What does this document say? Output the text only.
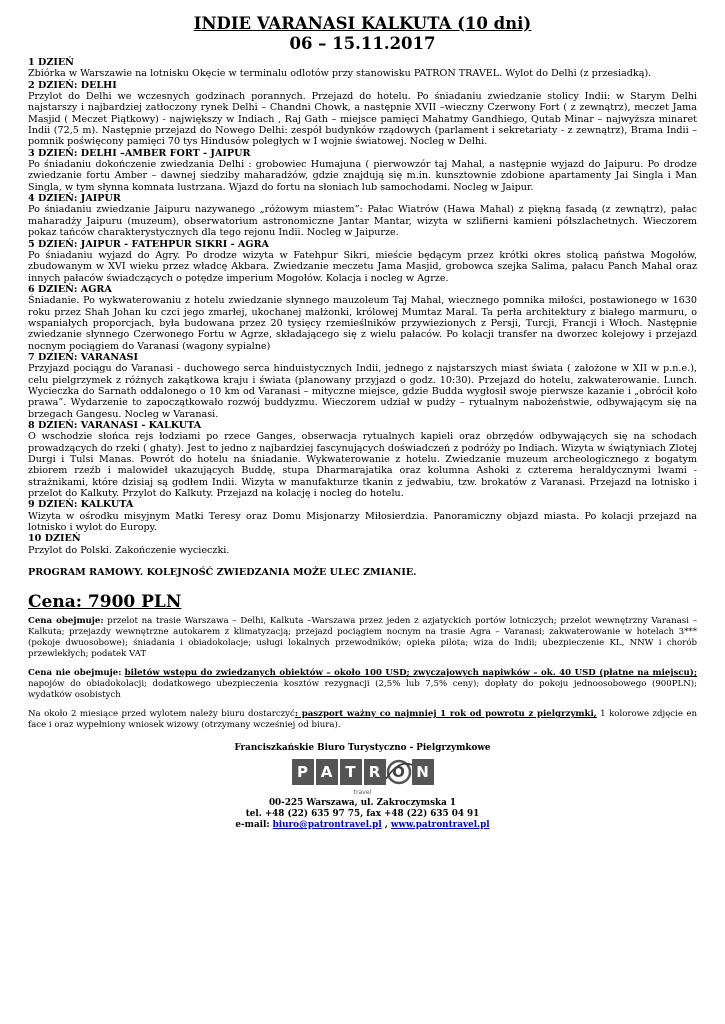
INDIE VARANASI KALKUTA (10 dni)
06 – 15.11.2017
1 DZIEŃ

Zbiórka w Warszawie na lotnisku Okęcie w terminalu odlotów przy stanowisku PATRON TRAVEL. Wylot do Delhi (z przesiadką).

2 DZIEŃ: DELHI

Przylot do Delhi we wczesnych godzinach porannych. Przejazd do hotelu. Po śniadaniu zwiedzanie stolicy Indii: w Starym Delhi najstarszy i najbardziej zatłoczony rynek Delhi – Chandni Chowk, a następnie XVII –wieczny Czerwony Fort ( z zewnątrz), meczet Jama Masjid ( Meczet Piątkowy) - największy w Indiach , Raj Gath – miejsce pamięci Mahatmy Gandhiego, Qutab Minar – najwyższa minaret Indii (72,5 m). Następnie przejazd do Nowego Delhi: zespół budynków rządowych (parlament i sekretariaty - z zewnątrz), Brama Indii – pomnik poświęcony pamięci 70 tys Hindusów poległych w I wojnie światowej. Nocleg w Delhi.

3 DZIEŃ: DELHI –AMBER FORT - JAIPUR

Po śniadaniu dokończenie zwiedzania Delhi : grobowiec Humajuna ( pierwowzór taj Mahal, a następnie wyjazd do Jaipuru. Po drodze zwiedzanie fortu Amber – dawnej siedziby maharadżów, gdzie znajdują się m.in. kunsztownie zdobione apartamenty Jai Singla i Man Singla, w tym słynna komnata lustrzana. Wjazd do fortu na słoniach lub samochodami. Nocleg w Jaipur.

4 DZIEŃ: JAIPUR

Po śniadaniu zwiedzanie Jaipuru nazywanego „różowym miastem”: Pałac Wiatrów (Hawa Mahal) z piękną fasadą (z zewnątrz), pałac maharadży Jaipuru (muzeum), obserwatorium astronomiczne Jantar Mantar, wizyta w szlifierni kamieni półszlachetnych. Wieczorem pokaz tańców charakterystycznych dla tego rejonu Indii. Nocleg w Jaipurze.

5 DZIEŃ: JAIPUR - FATEHPUR SIKRI - AGRA

Po śniadaniu wyjazd do Agry. Po drodze wizyta w Fatehpur Sikri, mieście będącym przez krótki okres stolicą państwa Mogołów, zbudowanym w XVI wieku przez władcę Akbara. Zwiedzanie meczetu Jama Masjid, grobowca szejka Salima, pałacu Panch Mahal oraz innych pałaców świadczących o potędze imperium Mogołów. Kolacja i nocleg w Agrze.

6 DZIEŃ: AGRA

Śniadanie. Po wykwaterowaniu z hotelu zwiedzanie słynnego mauzoleum Taj Mahal, wiecznego pomnika miłości, postawionego w 1630 roku przez Shah Johan ku czci jego zmarłej, ukochanej małżonki, królowej Mumtaz Maral. Ta perła architektury z białego marmuru, o wspaniałych proporcjach, była budowana przez 20 tysięcy rzemieślników przywiezionych z Persji, Turcji, Francji i Włoch. Następnie zwiedzanie słynnego Czerwonego Fortu w Agrze, składającego się z wielu pałaców. Po kolacji transfer na dworzec kolejowy i przejazd nocnym pociągiem do Varanasi (wagony sypialne)

7 DZIEŃ: VARANASI

Przyjazd pociągu do Varanasi - duchowego serca hinduistycznych Indii, jednego z najstarszych miast świata ( założone w XII w p.n.e.), celu pielgrzymek z różnych zakątkowa kraju i świata (planowany przyjazd o godz. 10:30). Przejazd do hotelu, zakwaterowanie. Lunch. Wycieczka do Sarnath oddalonego o 10 km od Varanasi – mityczne miejsce, gdzie Budda wygłosił swoje pierwsze kazanie i „obrócił koło prawa”. Wydarzenie to zapoczątkowało rozwój buddyzmu. Wieczorem udział w pudży – rytualnym nabożeństwie, odbywającym się na brzegach Gangesu. Nocleg w Varanasi.

8 DZIEŃ: VARANASI - KALKUTA

O wschodzie słońca rejs łodziami po rzece Ganges, obserwacja rytualnych kapieli oraz obrzędów odbywających się na schodach prowadzących do rzeki ( ghaty). Jest to jedno z najbardziej fascynujących doświadczeń z podróży po Indiach. Wizyta w świątyniach Zlotej Durgi i Tulsi Manas. Powrót do hotelu na śniadanie. Wykwaterowanie z hotelu. Zwiedzanie muzeum archeologicznego z bogatym zbiorem rzeźb i malowideł ukazujących Buddę, stupa Dharmarajatika oraz kolumna Ashoki z czterema heraldycznymi lwami - strażnikami, które dzisiaj są godłem Indii. Wizyta w manufakturze tkanin z jedwabiu, tzw. brokatów z Varanasi. Przejazd na lotnisko i przelot do Kalkuty. Przylot do Kalkuty. Przejazd na kolację i nocleg do hotelu.

9 DZIEŃ: KALKUTA

Wizyta w ośrodku misyjnym Matki Teresy oraz Domu Misjonarzy Miłosierdzia. Panoramiczny objazd miasta. Po kolacji przejazd na lotnisko i wylot do Europy.

10 DZIEŃ

Przylot do Polski. Zakończenie wycieczki.

PROGRAM RAMOWY. KOLEJNOŚĆ ZWIEDZANIA MOŻE ULEC ZMIANIE.
Cena: 7900 PLN

Cena obejmuje: przelot na trasie Warszawa – Delhi, Kalkuta –Warszawa przez jeden z azjatyckich portów lotniczych; przelot wewnętrzny Varanasi – Kalkuta; przejazdy wewnętrzne autokarem z klimatyzacją; przejazd pociągiem nocnym na trasie Agra – Varanasi; zakwaterowanie w hotelach 3*** (pokoje dwuosobowe); śniadania i obiadokolacje; usługi lokalnych przewodników; opieka pilota; wiza do Indii; ubezpieczenie KL, NNW i chorób przewlekłych; podatek VAT

Cena nie obejmuje: biletów wstępu do zwiedzanych obiektów – około 100 USD; zwyczajowych napiwków – ok. 40 USD (płatne na miejscu); napojów do obiadokolacji; dodatkowego ubezpieczenia kosztów rezygnacji (2,5% lub 7,5% ceny); dopłaty do pokoju jednoosobowego (900PLN); wydatków osobistych

Na około 2 miesiące przed wylotem należy biuru dostarczyć: paszport ważny co najmniej 1 rok od powrotu z pielgrzymki, 1 kolorowe zdjęcie en face i oraz wypełniony wniosek wizowy (otrzymany wcześniej od biura).

Franciszkańskie Biuro Turystyczno - Pielgrzymkowe
P A T R O N
travel
00-225 Warszawa, ul. Zakroczymska 1
tel. +48 (22) 635 97 75, fax +48 (22) 635 04 91
e-mail: biuro@patrontravel.pl , www.patrontravel.pl
